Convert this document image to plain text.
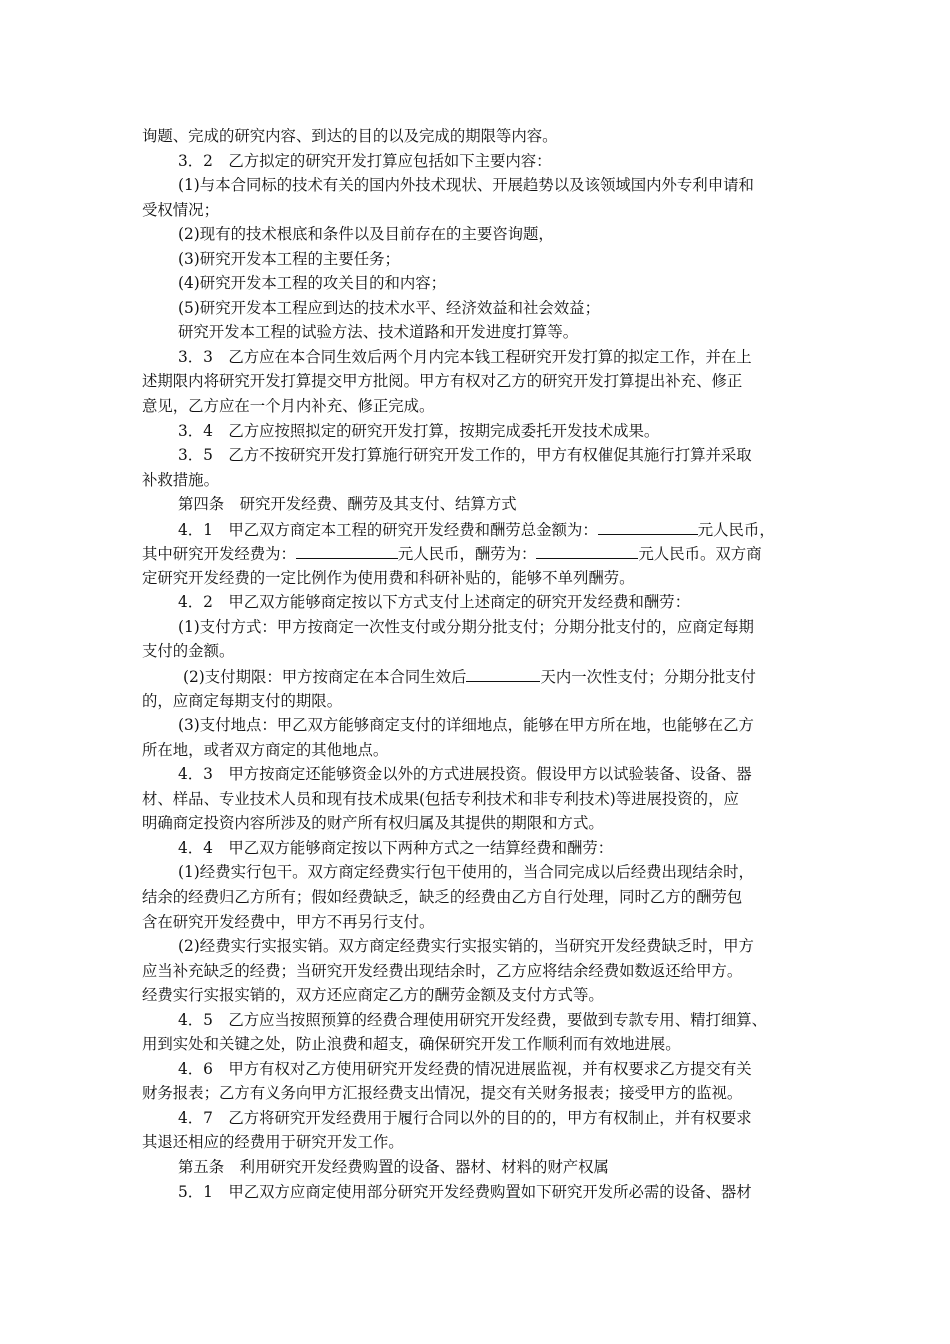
询题、完成的研究内容、到达的目的以及完成的期限等内容。
3．2　乙方拟定的研究开发打算应包括如下主要内容：
(1)与本合同标的技术有关的国内外技术现状、开展趋势以及该领域国内外专利申请和
受权情况；
(2)现有的技术根底和条件以及目前存在的主要咨询题，
(3)研究开发本工程的主要任务；
(4)研究开发本工程的攻关目的和内容；
(5)研究开发本工程应到达的技术水平、经济效益和社会效益；
研究开发本工程的试验方法、技术道路和开发进度打算等。
3．3　乙方应在本合同生效后两个月内完本钱工程研究开发打算的拟定工作，并在上
述期限内将研究开发打算提交甲方批阅。甲方有权对乙方的研究开发打算提出补充、修正
意见，乙方应在一个月内补充、修正完成。
3．4　乙方应按照拟定的研究开发打算，按期完成委托开发技术成果。
3．5　乙方不按研究开发打算施行研究开发工作的，甲方有权催促其施行打算并采取
补救措施。
第四条　研究开发经费、酬劳及其支付、结算方式
4．1　甲乙双方商定本工程的研究开发经费和酬劳总金额为：	元人民币，
其中研究开发经费为：	元人民币，酬劳为：	元人民币。双方商
定研究开发经费的一定比例作为使用费和科研补贴的，能够不单列酬劳。
4．2　甲乙双方能够商定按以下方式支付上述商定的研究开发经费和酬劳：
(1)支付方式：甲方按商定一次性支付或分期分批支付；分期分批支付的，应商定每期
支付的金额。
(2)支付期限：甲方按商定在本合同生效后	天内一次性支付；分期分批支付
的，应商定每期支付的期限。
(3)支付地点：甲乙双方能够商定支付的详细地点，能够在甲方所在地，也能够在乙方
所在地，或者双方商定的其他地点。
4．3　甲方按商定还能够资金以外的方式进展投资。假设甲方以试验装备、设备、器
材、样品、专业技术人员和现有技术成果(包括专利技术和非专利技术)等进展投资的，应
明确商定投资内容所涉及的财产所有权归属及其提供的期限和方式。
4．4　甲乙双方能够商定按以下两种方式之一结算经费和酬劳：
(1)经费实行包干。双方商定经费实行包干使用的，当合同完成以后经费出现结余时，
结余的经费归乙方所有；假如经费缺乏，缺乏的经费由乙方自行处理，同时乙方的酬劳包
含在研究开发经费中，甲方不再另行支付。
(2)经费实行实报实销。双方商定经费实行实报实销的，当研究开发经费缺乏时，甲方
应当补充缺乏的经费；当研究开发经费出现结余时，乙方应将结余经费如数返还给甲方。
经费实行实报实销的，双方还应商定乙方的酬劳金额及支付方式等。
4．5　乙方应当按照预算的经费合理使用研究开发经费，要做到专款专用、精打细算、
用到实处和关键之处，防止浪费和超支，确保研究开发工作顺利而有效地进展。
4．6　甲方有权对乙方使用研究开发经费的情况进展监视，并有权要求乙方提交有关
财务报表；乙方有义务向甲方汇报经费支出情况，提交有关财务报表；接受甲方的监视。
4．7　乙方将研究开发经费用于履行合同以外的目的的，甲方有权制止，并有权要求
其退还相应的经费用于研究开发工作。
第五条　利用研究开发经费购置的设备、器材、材料的财产权属
5．1　甲乙双方应商定使用部分研究开发经费购置如下研究开发所必需的设备、器材
